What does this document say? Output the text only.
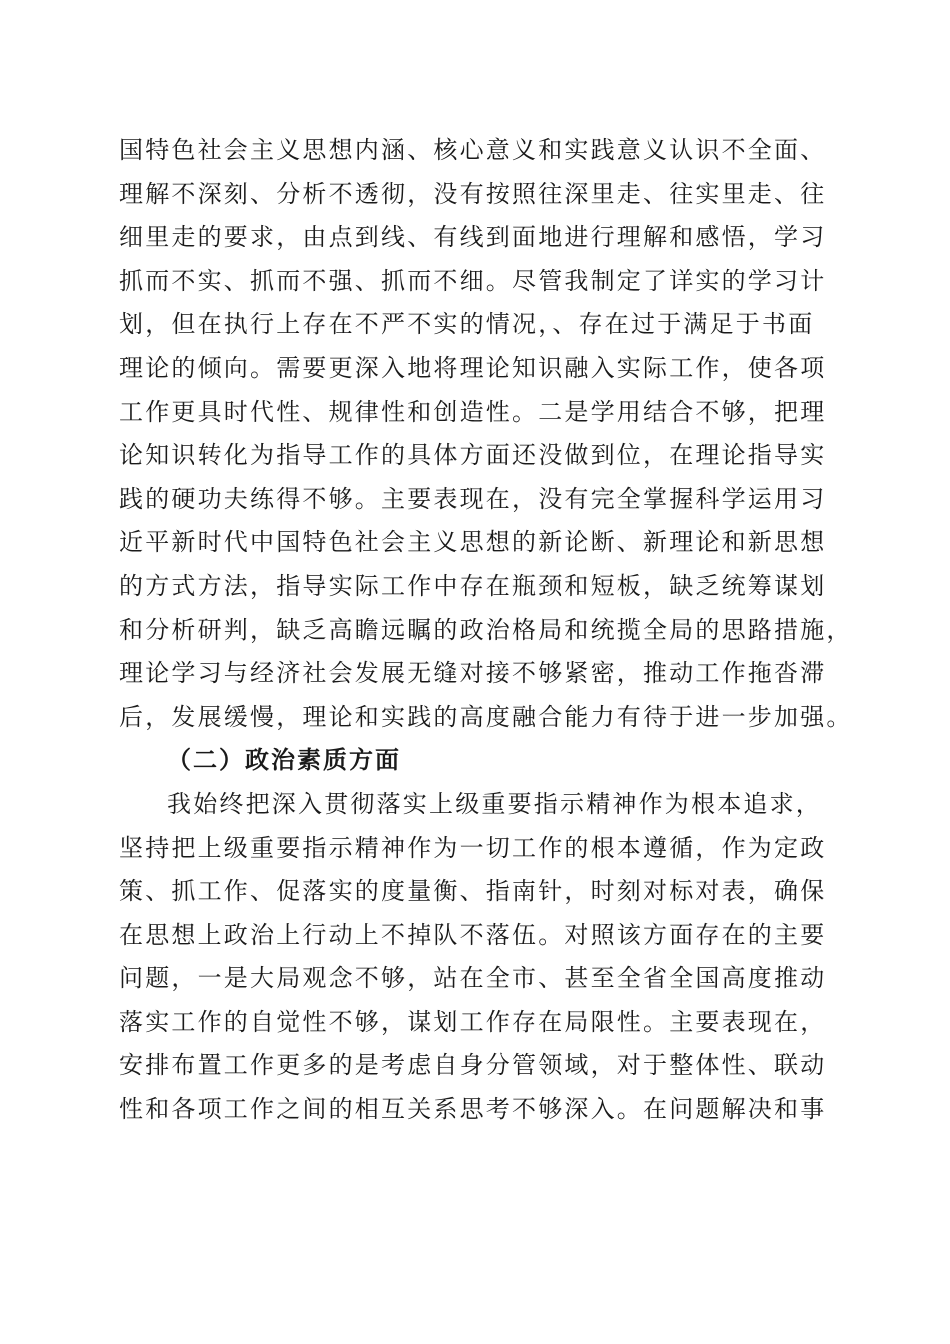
国特色社会主义思想内涵、核心意义和实践意义认识不全面、
理解不深刻、分析不透彻，没有按照往深里走、往实里走、往
细里走的要求，由点到线、有线到面地进行理解和感悟，学习
抓而不实、抓而不强、抓而不细。尽管我制定了详实的学习计
划，但在执行上存在不严不实的情况，、存在过于满足于书面
理论的倾向。需要更深入地将理论知识融入实际工作，使各项
工作更具时代性、规律性和创造性。二是学用结合不够，把理
论知识转化为指导工作的具体方面还没做到位，在理论指导实
践的硬功夫练得不够。主要表现在，没有完全掌握科学运用习
近平新时代中国特色社会主义思想的新论断、新理论和新思想
的方式方法，指导实际工作中存在瓶颈和短板，缺乏统筹谋划
和分析研判，缺乏高瞻远瞩的政治格局和统揽全局的思路措施，
理论学习与经济社会发展无缝对接不够紧密，推动工作拖沓滞
后，发展缓慢，理论和实践的高度融合能力有待于进一步加强。
（二）政治素质方面
我始终把深入贯彻落实上级重要指示精神作为根本追求，
坚持把上级重要指示精神作为一切工作的根本遵循，作为定政
策、抓工作、促落实的度量衡、指南针，时刻对标对表，确保
在思想上政治上行动上不掉队不落伍。对照该方面存在的主要
问题，一是大局观念不够，站在全市、甚至全省全国高度推动
落实工作的自觉性不够，谋划工作存在局限性。主要表现在，
安排布置工作更多的是考虑自身分管领域，对于整体性、联动
性和各项工作之间的相互关系思考不够深入。在问题解决和事
